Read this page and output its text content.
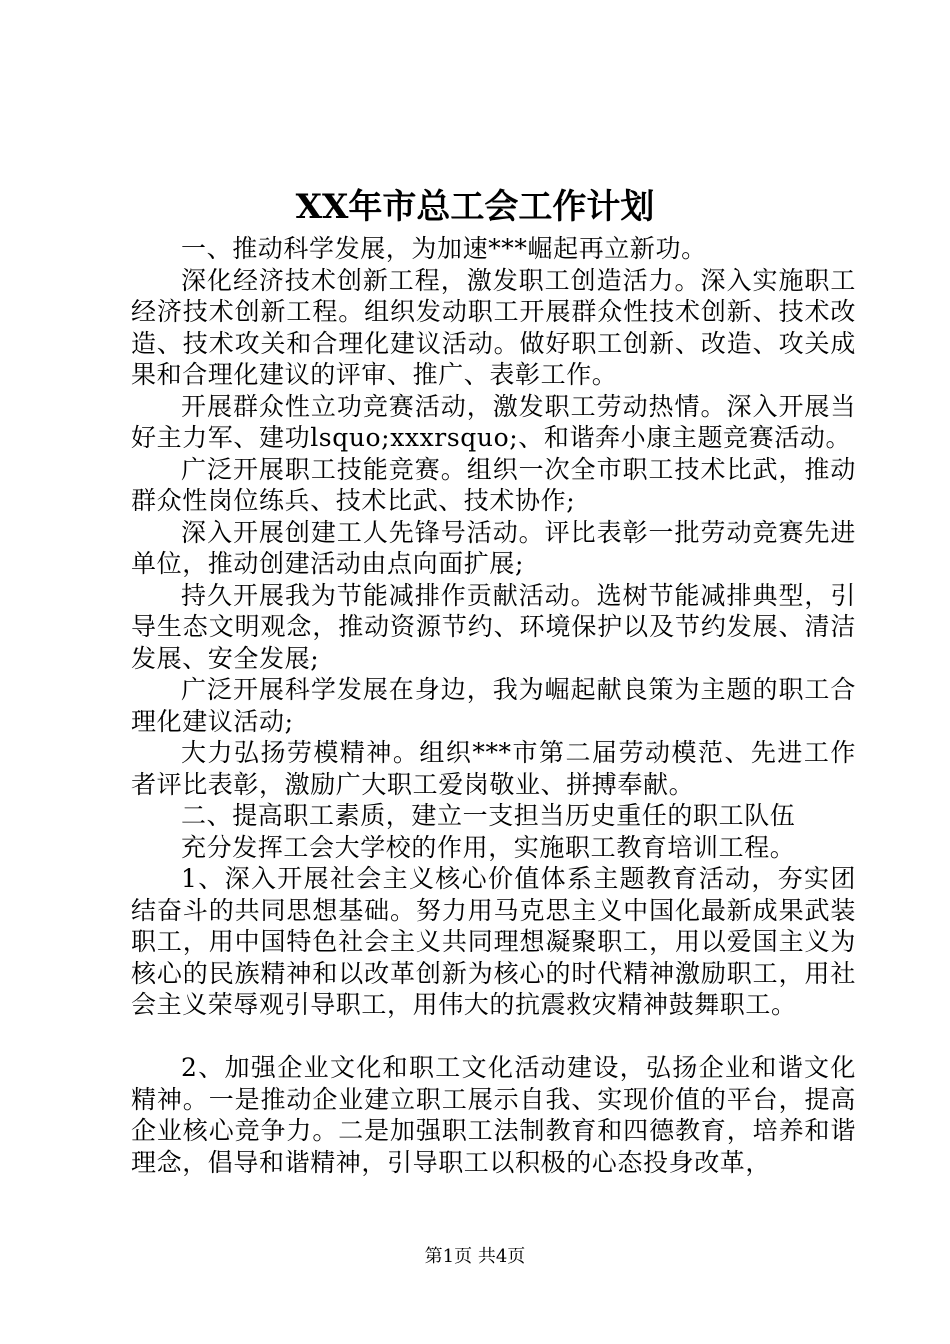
XX年市总工会工作计划

一、推动科学发展，为加速***崛起再立新功。

深化经济技术创新工程，激发职工创造活力。深入实施职工经济技术创新工程。组织发动职工开展群众性技术创新、技术改造、技术攻关和合理化建议活动。做好职工创新、改造、攻关成果和合理化建议的评审、推广、表彰工作。

开展群众性立功竞赛活动，激发职工劳动热情。深入开展当好主力军、建功lsquo;xxxrsquo;、和谐奔小康主题竞赛活动。

广泛开展职工技能竞赛。组织一次全市职工技术比武，推动群众性岗位练兵、技术比武、技术协作;

深入开展创建工人先锋号活动。评比表彰一批劳动竞赛先进单位，推动创建活动由点向面扩展;

持久开展我为节能减排作贡献活动。选树节能减排典型，引导生态文明观念，推动资源节约、环境保护以及节约发展、清洁发展、安全发展;

广泛开展科学发展在身边，我为崛起献良策为主题的职工合理化建议活动;

大力弘扬劳模精神。组织***市第二届劳动模范、先进工作者评比表彰，激励广大职工爱岗敬业、拼搏奉献。

二、提高职工素质，建立一支担当历史重任的职工队伍

充分发挥工会大学校的作用，实施职工教育培训工程。

1、深入开展社会主义核心价值体系主题教育活动，夯实团结奋斗的共同思想基础。努力用马克思主义中国化最新成果武装职工，用中国特色社会主义共同理想凝聚职工，用以爱国主义为核心的民族精神和以改革创新为核心的时代精神激励职工，用社会主义荣辱观引导职工，用伟大的抗震救灾精神鼓舞职工。

2、加强企业文化和职工文化活动建设，弘扬企业和谐文化精神。一是推动企业建立职工展示自我、实现价值的平台，提高企业核心竞争力。二是加强职工法制教育和四德教育，培养和谐理念，倡导和谐精神，引导职工以积极的心态投身改革，

第1页 共4页
